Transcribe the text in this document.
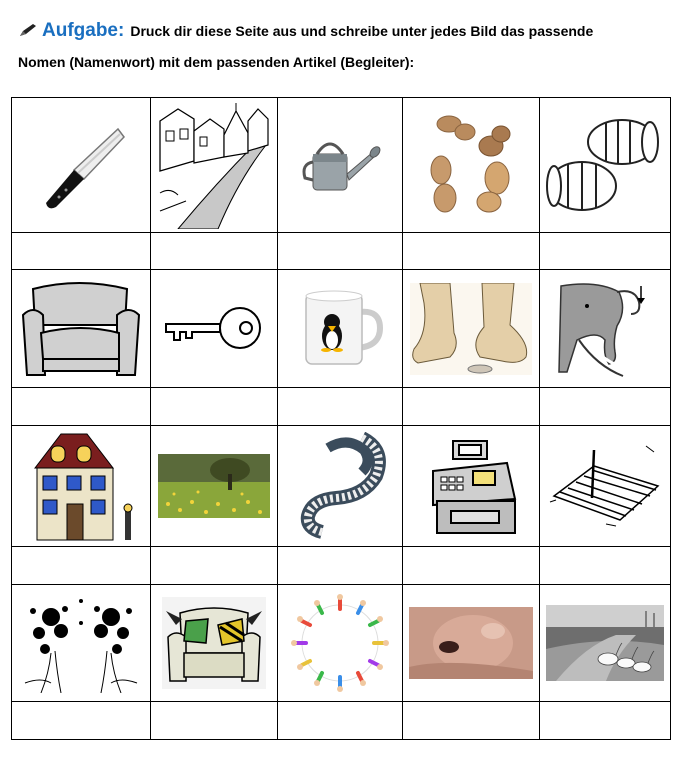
Aufgabe: Druck dir diese Seite aus und schreibe unter jedes Bild das passende
Nomen (Namenwort) mit dem passenden Artikel (Begleiter):
